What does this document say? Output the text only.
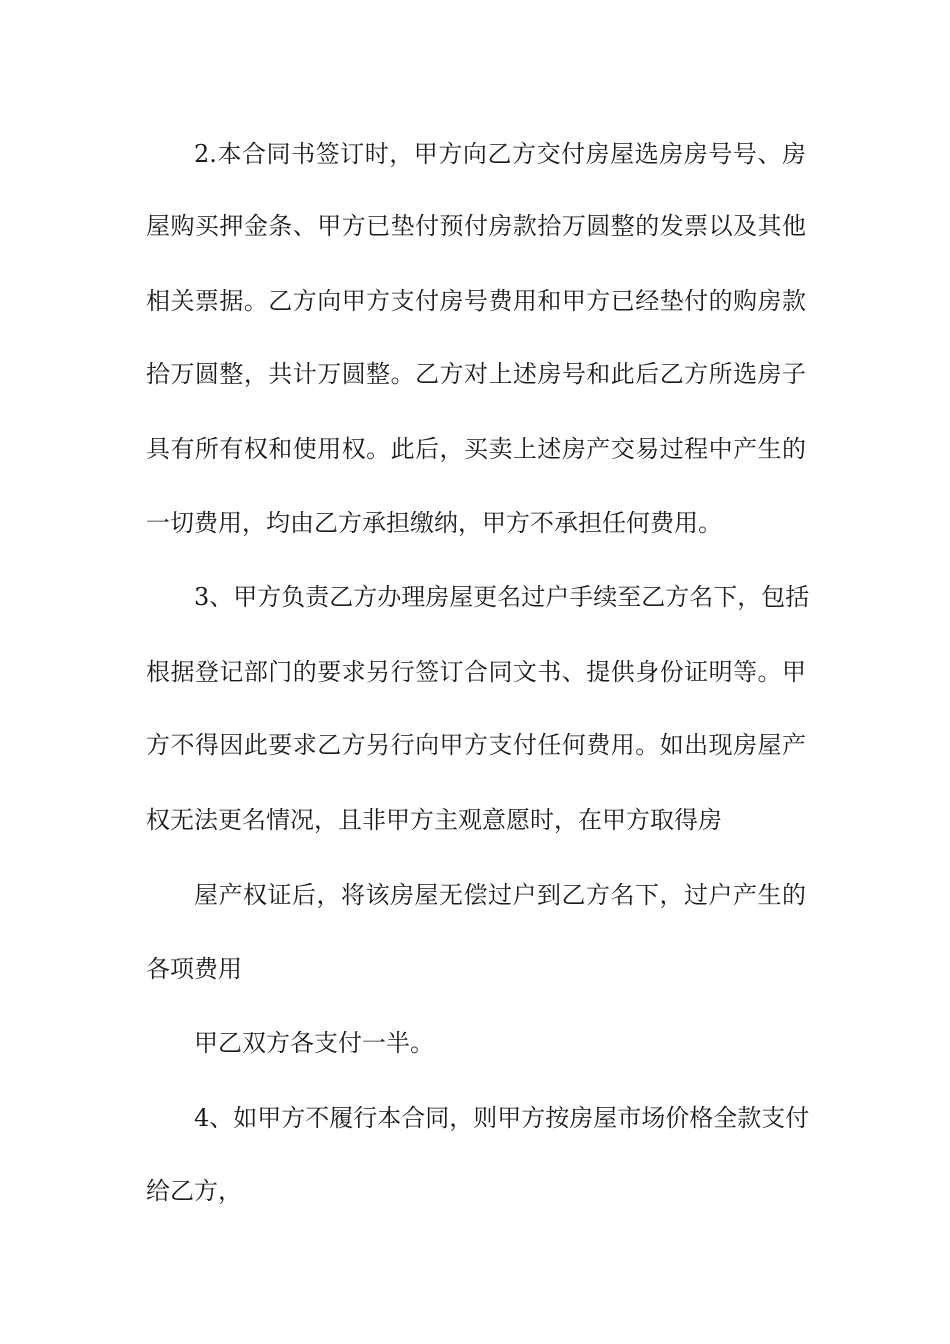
2.本合同书签订时，甲方向乙方交付房屋选房房号号、房
屋购买押金条、甲方已垫付预付房款拾万圆整的发票以及其他
相关票据。乙方向甲方支付房号费用和甲方已经垫付的购房款
拾万圆整，共计万圆整。乙方对上述房号和此后乙方所选房子
具有所有权和使用权。此后，买卖上述房产交易过程中产生的
一切费用，均由乙方承担缴纳，甲方不承担任何费用。
3、甲方负责乙方办理房屋更名过户手续至乙方名下，包括
根据登记部门的要求另行签订合同文书、提供身份证明等。甲
方不得因此要求乙方另行向甲方支付任何费用。如出现房屋产
权无法更名情况，且非甲方主观意愿时，在甲方取得房
屋产权证后，将该房屋无偿过户到乙方名下，过户产生的
各项费用
甲乙双方各支付一半。
4、如甲方不履行本合同，则甲方按房屋市场价格全款支付
给乙方，
